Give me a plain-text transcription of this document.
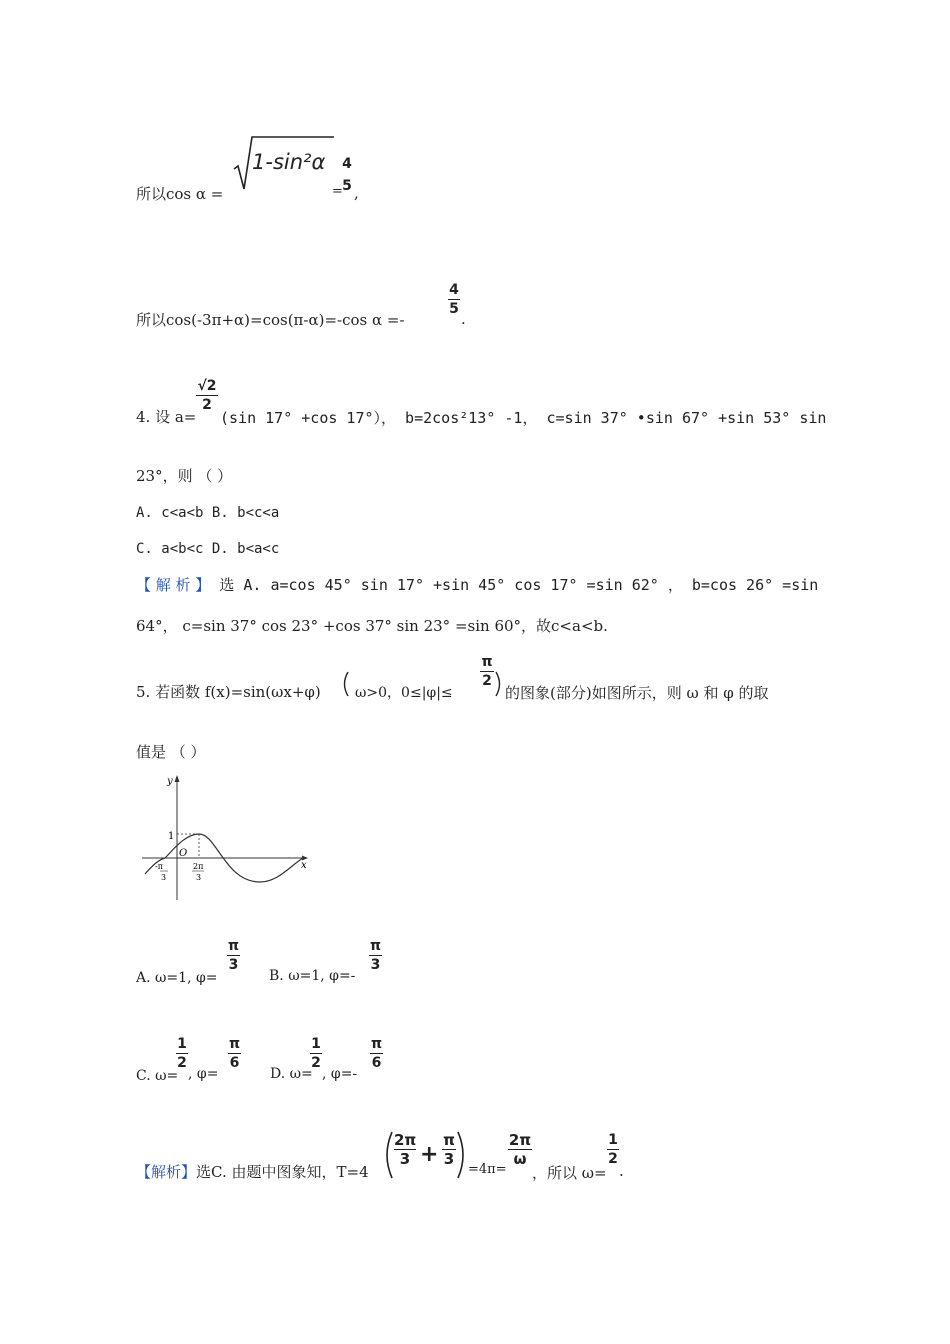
所以cos α =
1-sin²α
=
4
5 ,
所以cos(-3π+α)=cos(π-α)=-cos α =-
4
5
.
4. 设 a=
√2
2
(sin 17° +cos 17°）， b=2cos²13° -1， c=sin 37° •sin 67° +sin 53° sin
23°，则 （ ）
A. c<a<b B. b<c<a
C. a<b<c D. b<a<c
【 解 析 】 选 A. a=cos 45° sin 17° +sin 45° cos 17° =sin 62° ， b=cos 26° =sin
64°， c=sin 37° cos 23° +cos 37° sin 23° =sin 60°，故c<a<b.
5. 若函数 f(x)=sin(ωx+φ) ω>0，0≤|φ|≤
π
2
的图象(部分)如图所示，则 ω 和 φ 的取
值是 （ ）
y
x
1
O
-π
3
2π
3
A. ω=1, φ=
π
3
B. ω=1, φ=-
π
3
C. ω=
1
2
, φ=
π
6
D. ω=
1
2
, φ=-
π
6
【解析】选C. 由题中图象知，T=4
2π
3 +
π
3
=4π=
2π
ω
，所以 ω=
1
2
.
